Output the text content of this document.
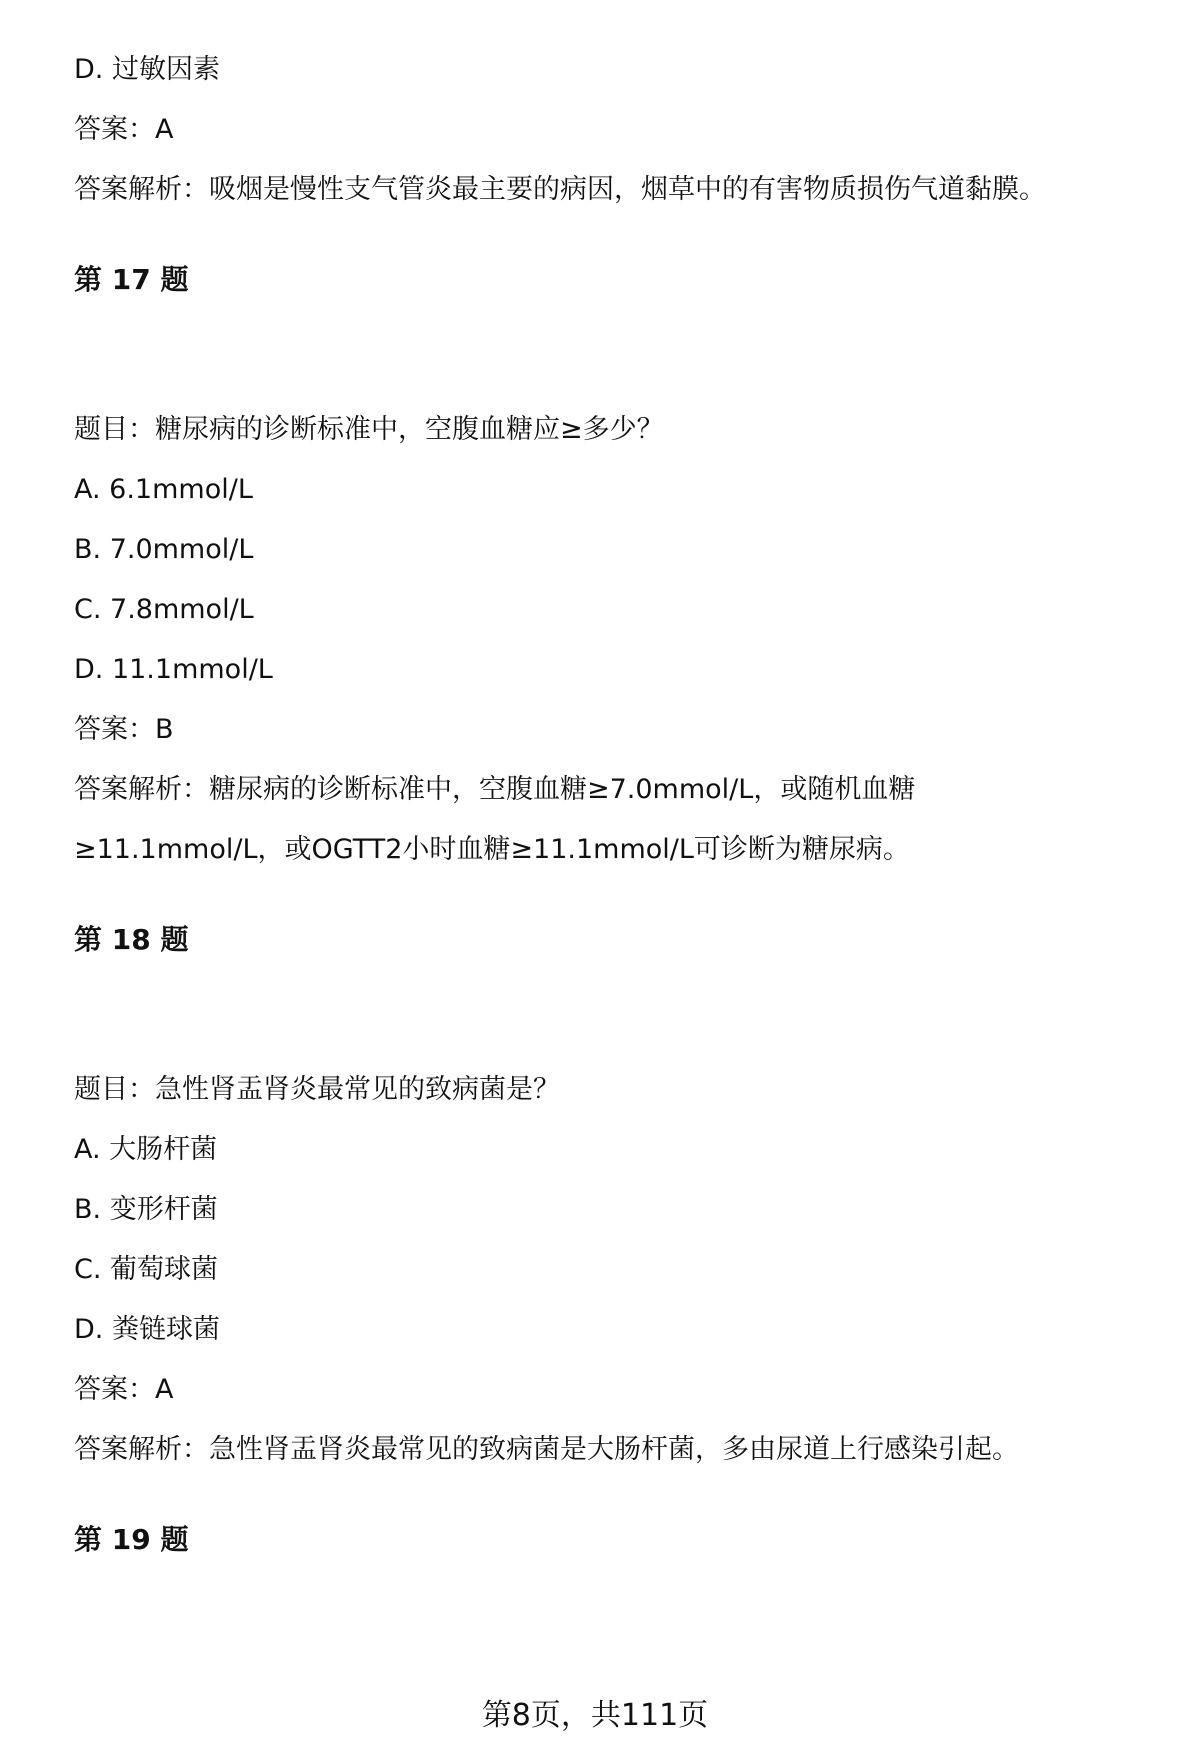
D. 过敏因素
答案：A
答案解析：吸烟是慢性支气管炎最主要的病因，烟草中的有害物质损伤气道黏膜。
第 17 题
题目：糖尿病的诊断标准中，空腹血糖应≥多少？
A. 6.1mmol/L
B. 7.0mmol/L
C. 7.8mmol/L
D. 11.1mmol/L
答案：B
答案解析：糖尿病的诊断标准中，空腹血糖≥7.0mmol/L，或随机血糖
≥11.1mmol/L，或OGTT2小时血糖≥11.1mmol/L可诊断为糖尿病。
第 18 题
题目：急性肾盂肾炎最常见的致病菌是？
A. 大肠杆菌
B. 变形杆菌
C. 葡萄球菌
D. 粪链球菌
答案：A
答案解析：急性肾盂肾炎最常见的致病菌是大肠杆菌，多由尿道上行感染引起。
第 19 题
第8页，共111页
